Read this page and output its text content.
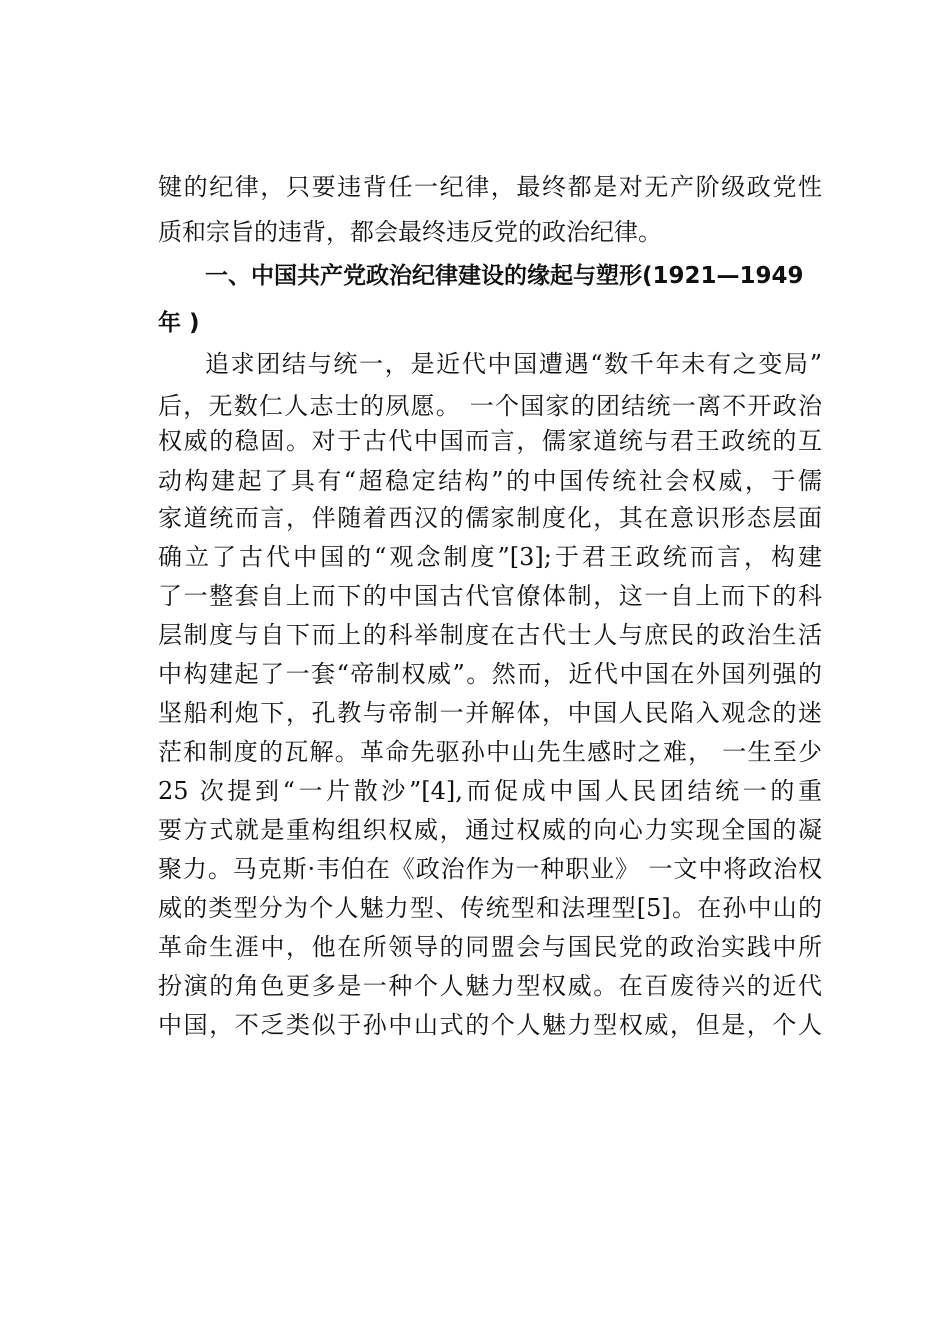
键的纪律，只要违背任一纪律，最终都是对无产阶级政党性
质和宗旨的违背，都会最终违反党的政治纪律。
一、中国共产党政治纪律建设的缘起与塑形(1921—1949
年 )
追求团结与统一，是近代中国遭遇“数千年未有之变局”
后，无数仁人志士的夙愿。 一个国家的团结统一离不开政治
权威的稳固。对于古代中国而言，儒家道统与君王政统的互
动构建起了具有“超稳定结构”的中国传统社会权威，于儒
家道统而言，伴随着西汉的儒家制度化，其在意识形态层面
确立了古代中国的“观念制度”[3];于君王政统而言，构建
了一整套自上而下的中国古代官僚体制，这一自上而下的科
层制度与自下而上的科举制度在古代士人与庶民的政治生活
中构建起了一套“帝制权威”。然而，近代中国在外国列强的
坚船利炮下，孔教与帝制一并解体，中国人民陷入观念的迷
茫和制度的瓦解。革命先驱孙中山先生感时之难， 一生至少
25 次提到“一片散沙”[4],而促成中国人民团结统一的重
要方式就是重构组织权威，通过权威的向心力实现全国的凝
聚力。马克斯·韦伯在《政治作为一种职业》 一文中将政治权
威的类型分为个人魅力型、传统型和法理型[5]。在孙中山的
革命生涯中，他在所领导的同盟会与国民党的政治实践中所
扮演的角色更多是一种个人魅力型权威。在百废待兴的近代
中国，不乏类似于孙中山式的个人魅力型权威，但是，个人
